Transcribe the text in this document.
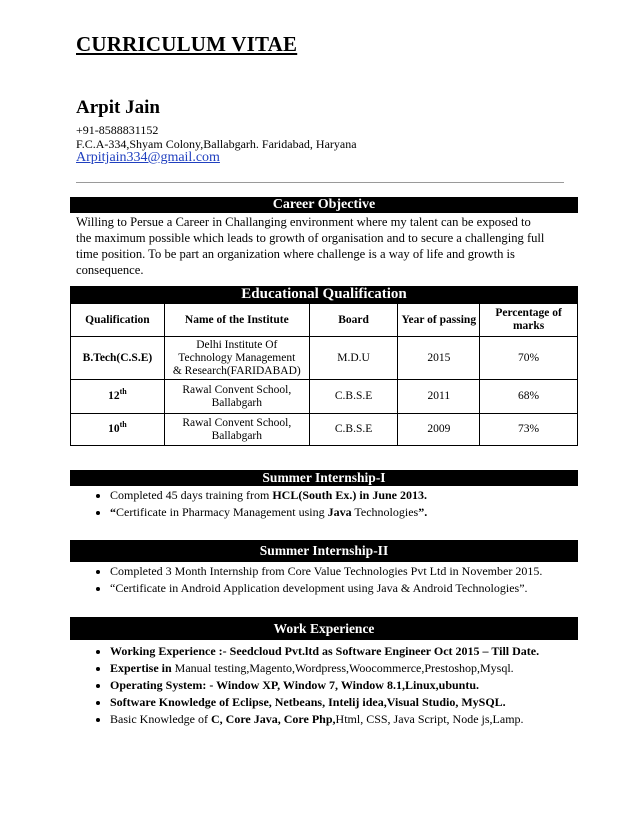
CURRICULUM VITAE
Arpit Jain
+91-8588831152
F.C.A-334,Shyam Colony,Ballabgarh. Faridabad, Haryana
Arpitjain334@gmail.com
Career Objective
Willing to Persue a Career in Challanging environment where my talent can be exposed to
the maximum possible which leads to growth of organisation and to secure a challenging full
time position. To be part an organization where challenge is a way of life and growth is
consequence.
Educational Qualification
Qualification	Name of the Institute	Board	Year of passing	Percentage of marks
B.Tech(C.S.E)	Delhi Institute Of
Technology Management
& Research(FARIDABAD)	M.D.U	2015	70%
12th	Rawal Convent School,
Ballabgarh	C.B.S.E	2011	68%
10th	Rawal Convent School,
Ballabgarh	C.B.S.E	2009	73%
Summer Internship-I
• Completed 45 days training from HCL(South Ex.) in June 2013.
• “Certificate in Pharmacy Management using Java Technologies”.
Summer Internship-II
• Completed 3 Month Internship from Core Value Technologies Pvt Ltd in November 2015.
• “Certificate in Android Application development using Java & Android Technologies”.
Work Experience
• Working Experience :- Seedcloud Pvt.ltd as Software Engineer Oct 2015 – Till Date.
• Expertise in Manual testing,Magento,Wordpress,Woocommerce,Prestoshop,Mysql.
• Operating System: - Window XP, Window 7, Window 8.1,Linux,ubuntu.
• Software Knowledge of Eclipse, Netbeans, Intelij idea,Visual Studio, MySQL.
• Basic Knowledge of C, Core Java, Core Php,Html, CSS, Java Script, Node js,Lamp.
